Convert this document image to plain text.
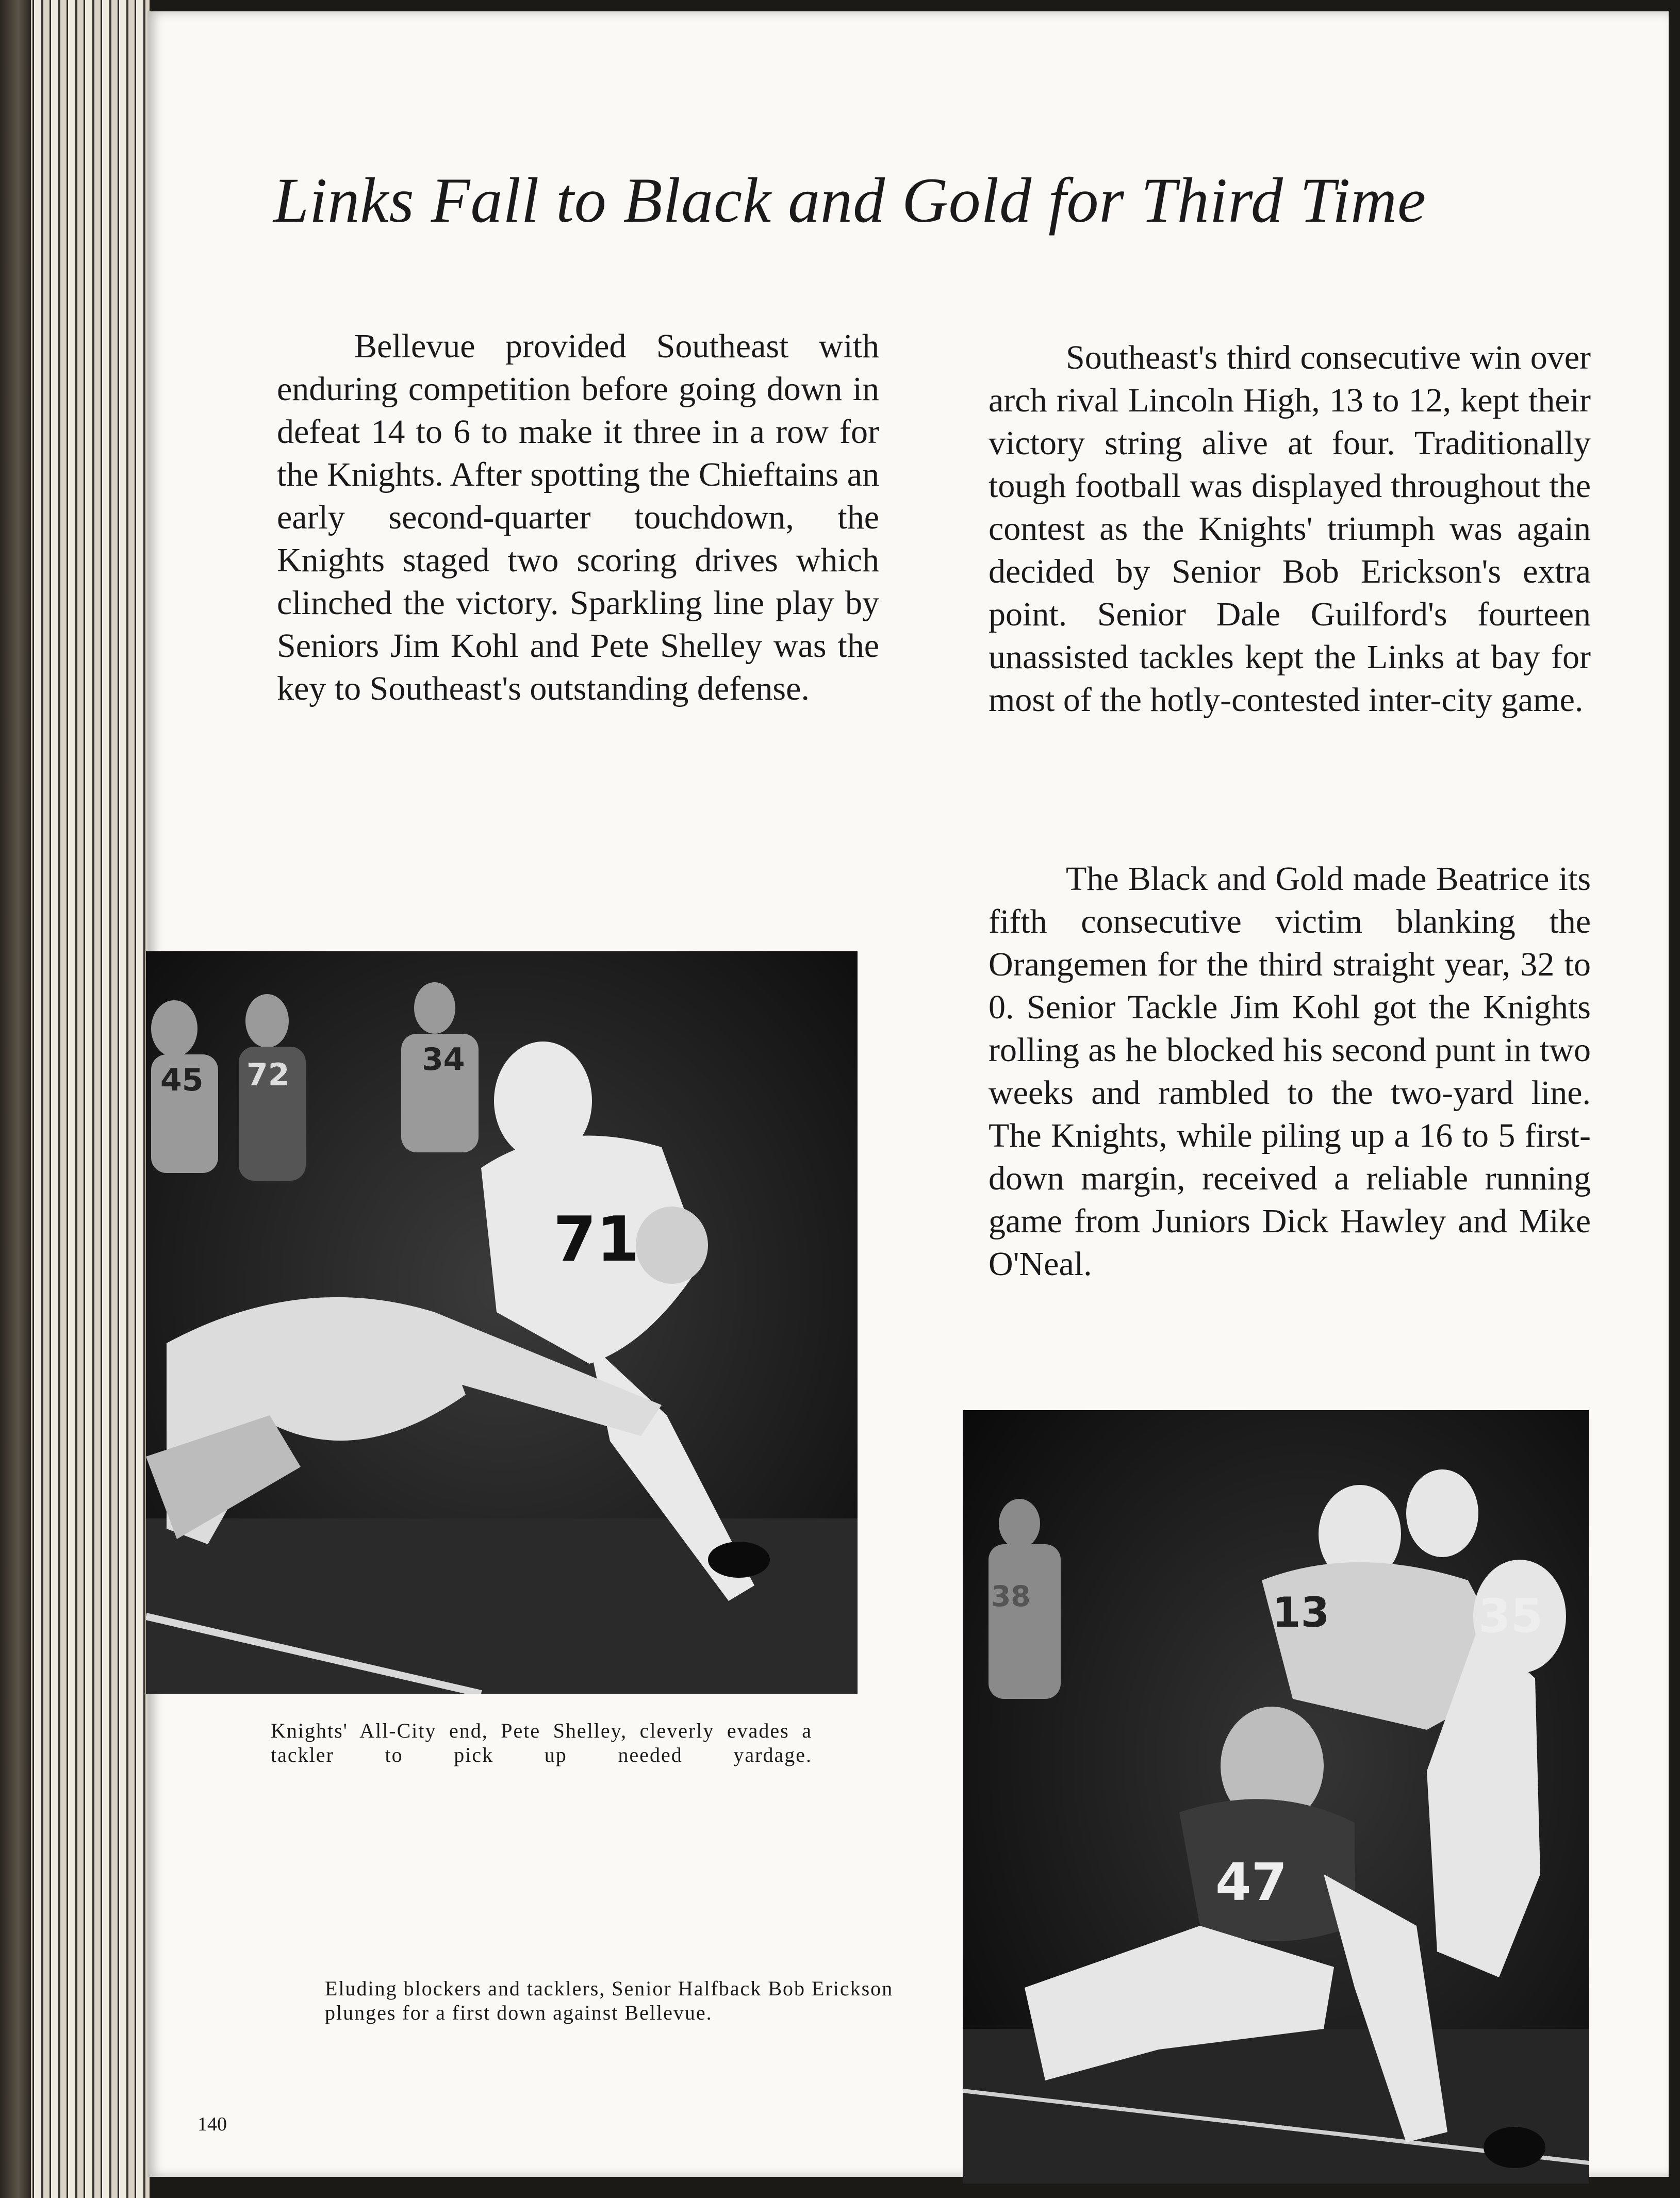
Links Fall to Black and Gold for Third Time

Bellevue provided Southeast with enduring competition before going down in defeat 14 to 6 to make it three in a row for the Knights. After spotting the Chieftains an early second-quarter touchdown, the Knights staged two scoring drives which clinched the victory. Sparkling line play by Seniors Jim Kohl and Pete Shelley was the key to Southeast's outstanding defense.

Southeast's third consecutive win over arch rival Lincoln High, 13 to 12, kept their victory string alive at four. Traditionally tough football was displayed throughout the contest as the Knights' triumph was again decided by Senior Bob Erickson's extra point. Senior Dale Guilford's fourteen unassisted tackles kept the Links at bay for most of the hotly-contested inter-city game.

The Black and Gold made Beatrice its fifth consecutive victim blanking the Orangemen for the third straight year, 32 to 0. Senior Tackle Jim Kohl got the Knights rolling as he blocked his second punt in two weeks and rambled to the two-yard line. The Knights, while piling up a 16 to 5 first-down margin, received a reliable running game from Juniors Dick Hawley and Mike O'Neal.

45 72	34
71

Knights' All-City end, Pete Shelley, cleverly evades a tackler to pick up needed yardage.

13	35
47
38

Eluding blockers and tacklers, Senior Halfback Bob Erickson plunges for a first down against Bellevue.

140
